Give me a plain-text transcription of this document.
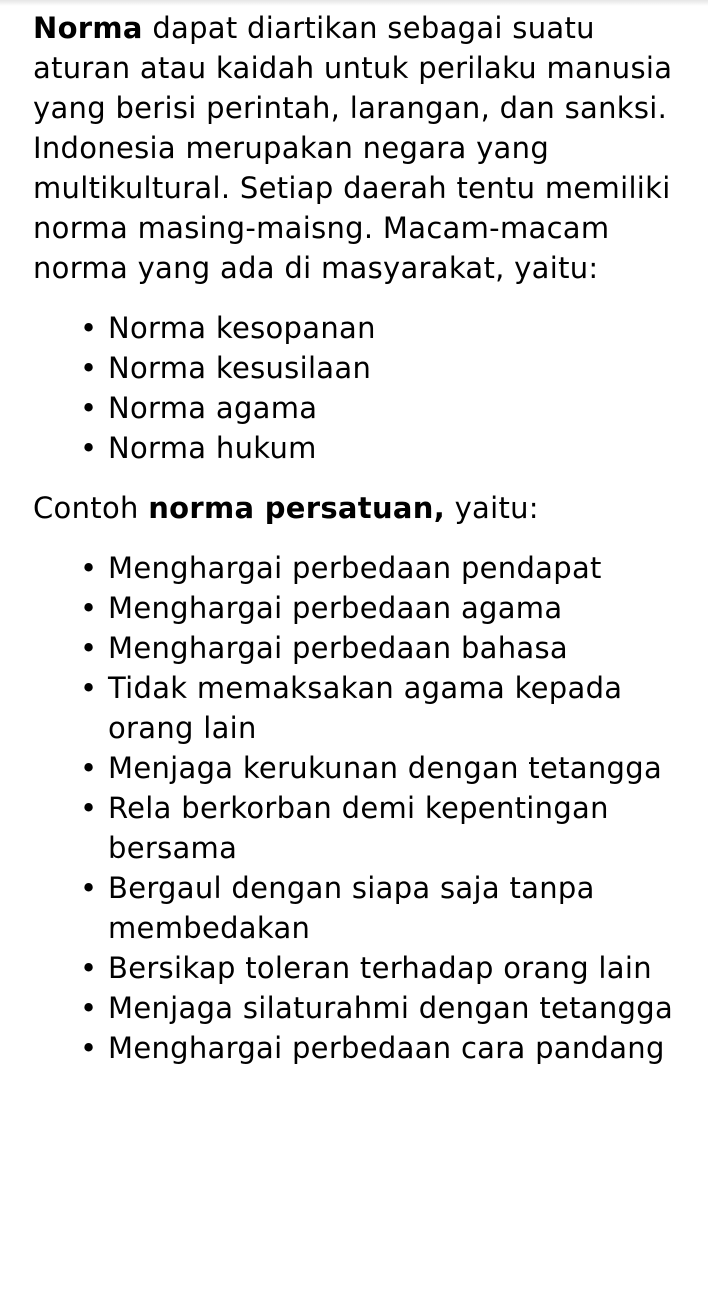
Norma dapat diartikan sebagai suatu aturan atau kaidah untuk perilaku manusia yang berisi perintah, larangan, dan sanksi. Indonesia merupakan negara yang multikultural. Setiap daerah tentu memiliki norma masing-maisng. Macam-macam norma yang ada di masyarakat, yaitu:

• Norma kesopanan
• Norma kesusilaan
• Norma agama
• Norma hukum

Contoh norma persatuan, yaitu:

• Menghargai perbedaan pendapat
• Menghargai perbedaan agama
• Menghargai perbedaan bahasa
• Tidak memaksakan agama kepada orang lain
• Menjaga kerukunan dengan tetangga
• Rela berkorban demi kepentingan bersama
• Bergaul dengan siapa saja tanpa membedakan
• Bersikap toleran terhadap orang lain
• Menjaga silaturahmi dengan tetangga
• Menghargai perbedaan cara pandang
